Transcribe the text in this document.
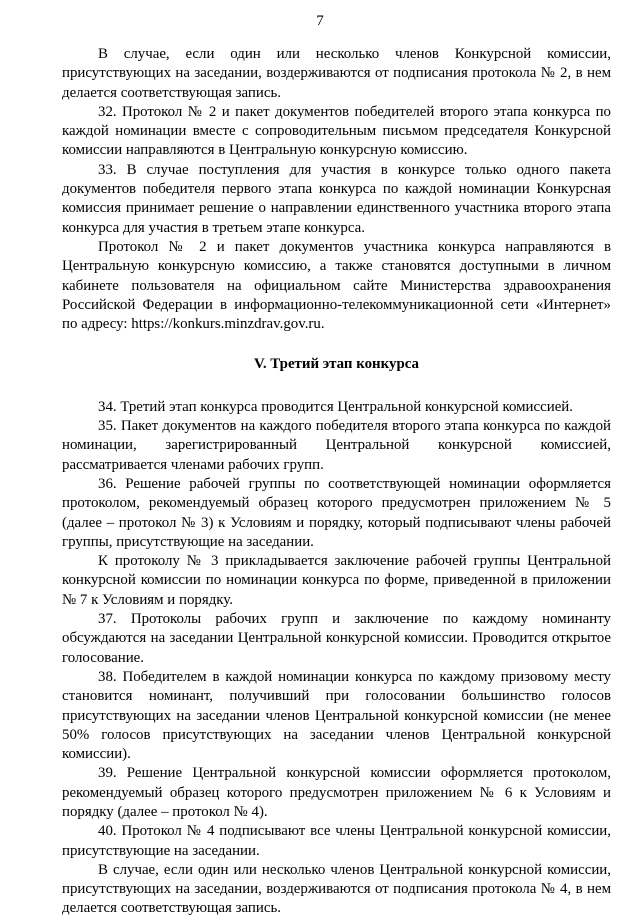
7

В случае, если один или несколько членов Конкурсной комиссии, присутствующих на заседании, воздерживаются от подписания протокола № 2, в нем делается соответствующая запись.

32. Протокол № 2 и пакет документов победителей второго этапа конкурса по каждой номинации вместе с сопроводительным письмом председателя Конкурсной комиссии направляются в Центральную конкурсную комиссию.

33. В случае поступления для участия в конкурсе только одного пакета документов победителя первого этапа конкурса по каждой номинации Конкурсная комиссия принимает решение о направлении единственного участника второго этапа конкурса для участия в третьем этапе конкурса.

Протокол № 2 и пакет документов участника конкурса направляются в Центральную конкурсную комиссию, а также становятся доступными в личном кабинете пользователя на официальном сайте Министерства здравоохранения Российской Федерации в информационно-телекоммуникационной сети «Интернет» по адресу: https://konkurs.minzdrav.gov.ru.

V. Третий этап конкурса

34. Третий этап конкурса проводится Центральной конкурсной комиссией.

35. Пакет документов на каждого победителя второго этапа конкурса по каждой номинации, зарегистрированный Центральной конкурсной комиссией, рассматривается членами рабочих групп.

36. Решение рабочей группы по соответствующей номинации оформляется протоколом, рекомендуемый образец которого предусмотрен приложением № 5 (далее – протокол № 3) к Условиям и порядку, который подписывают члены рабочей группы, присутствующие на заседании.

К протоколу № 3 прикладывается заключение рабочей группы Центральной конкурсной комиссии по номинации конкурса по форме, приведенной в приложении № 7 к Условиям и порядку.

37. Протоколы рабочих групп и заключение по каждому номинанту обсуждаются на заседании Центральной конкурсной комиссии. Проводится открытое голосование.

38. Победителем в каждой номинации конкурса по каждому призовому месту становится номинант, получивший при голосовании большинство голосов присутствующих на заседании членов Центральной конкурсной комиссии (не менее 50% голосов присутствующих на заседании членов Центральной конкурсной комиссии).

39. Решение Центральной конкурсной комиссии оформляется протоколом, рекомендуемый образец которого предусмотрен приложением № 6 к Условиям и порядку (далее – протокол № 4).

40. Протокол № 4 подписывают все члены Центральной конкурсной комиссии, присутствующие на заседании.

В случае, если один или несколько членов Центральной конкурсной комиссии, присутствующих на заседании, воздерживаются от подписания протокола № 4, в нем делается соответствующая запись.
